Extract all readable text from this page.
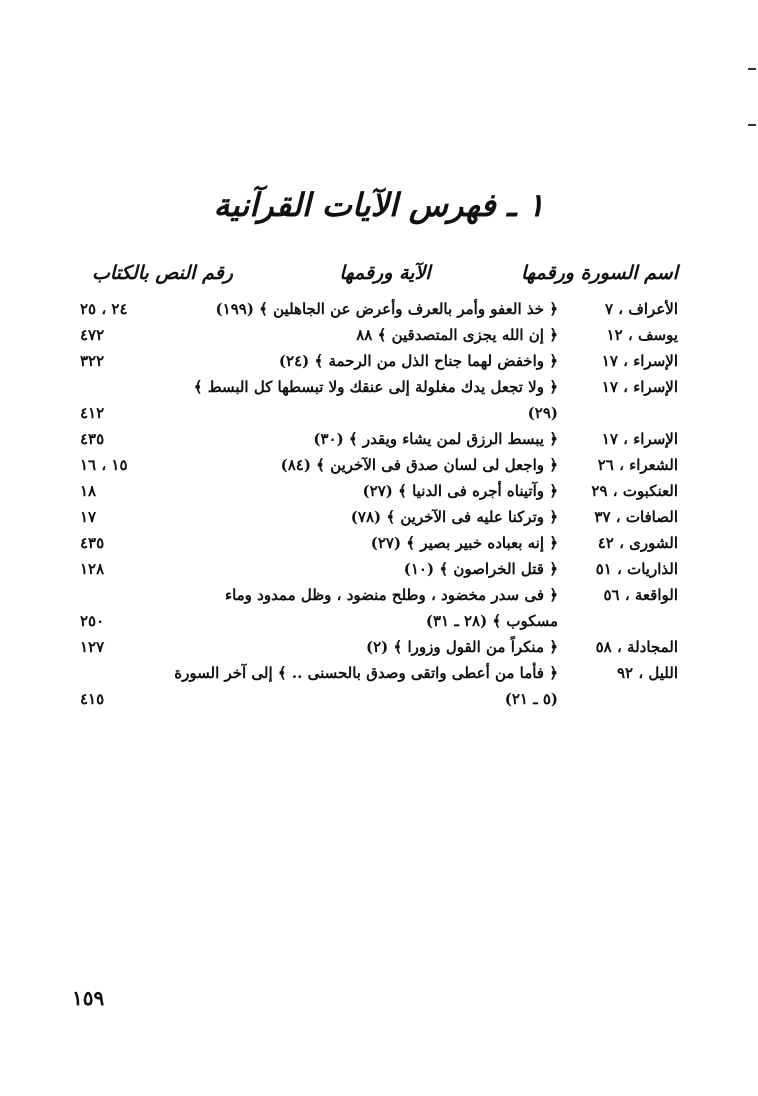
١ ـ فهرس الآيات القرآنية
اسم السورة ورقمها
الآية ورقمها
رقم النص بالكتاب
الأعراف ، ٧
﴿ خذ العفو وأمر بالعرف وأعرض عن الجاهلين ﴾ (١٩٩)
٢٤ ، ٢٥
يوسف ، ١٢
﴿ إن الله يجزى المتصدقين ﴾ ٨٨
٤٧٢
الإسراء ، ١٧
﴿ واخفض لهما جناح الذل من الرحمة ﴾ (٢٤)
٣٢٢
الإسراء ، ١٧
﴿ ولا تجعل يدك مغلولة إلى عنقك ولا تبسطها كل البسط ﴾
(٢٩)
٤١٢
الإسراء ، ١٧
﴿ يبسط الرزق لمن يشاء ويقدر ﴾ (٣٠)
٤٣٥
الشعراء ، ٢٦
﴿ واجعل لى لسان صدق فى الآخرين ﴾ (٨٤)
١٥ ، ١٦
العنكبوت ، ٢٩
﴿ وآتيناه أجره فى الدنيا ﴾ (٢٧)
١٨
الصافات ، ٣٧
﴿ وتركنا عليه فى الآخرين ﴾ (٧٨)
١٧
الشورى ، ٤٢
﴿ إنه بعباده خبير بصير ﴾ (٢٧)
٤٣٥
الذاريات ، ٥١
﴿ قتل الخراصون ﴾ (١٠)
١٢٨
الواقعة ، ٥٦
﴿ فى سدر مخضود ، وطلح منضود ، وظل ممدود وماء
مسكوب ﴾ (٢٨ ـ ٣١)
٢٥٠
المجادلة ، ٥٨
﴿ منكراً من القول وزورا ﴾ (٢)
١٢٧
الليل ، ٩٢
﴿ فأما من أعطى واتقى وصدق بالحسنى .. ﴾ إلى آخر السورة
(٥ ـ ٢١)
٤١٥
١٥٩
